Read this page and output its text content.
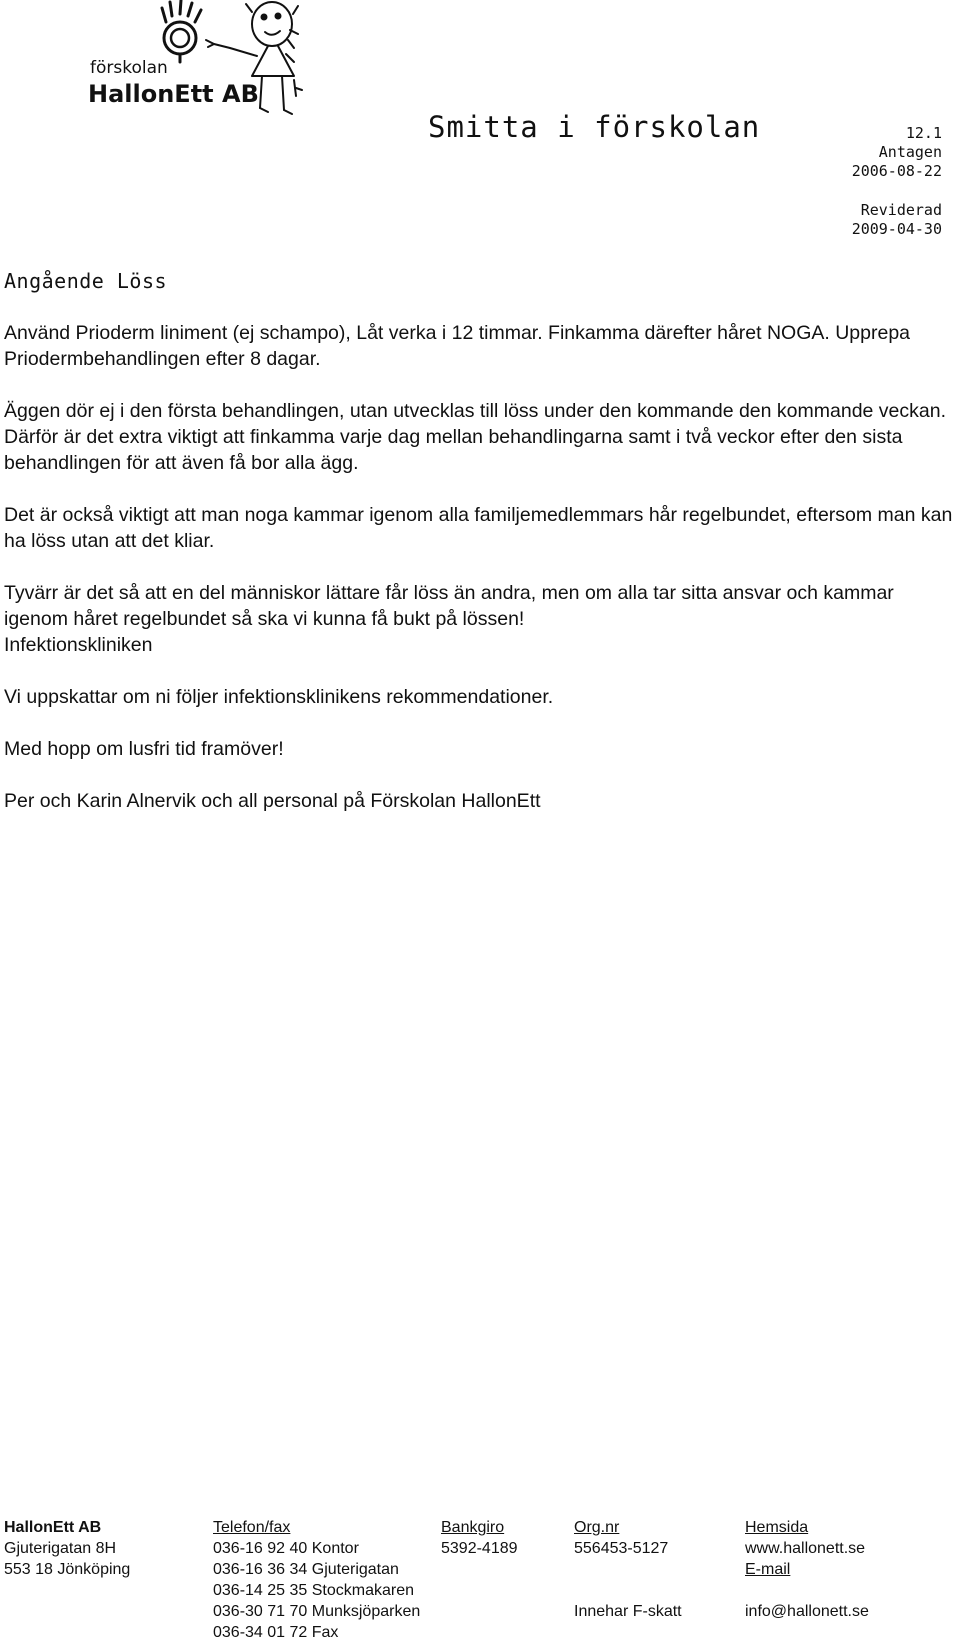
förskolan
HallonEtt AB
Smitta i förskolan	12.1
Antagen
2006-08-22
Reviderad
2009-04-30
Angående Löss

Använd Prioderm liniment (ej schampo), Låt verka i 12 timmar. Finkamma därefter håret NOGA. Upprepa Priodermbehandlingen efter 8 dagar.

Äggen dör ej i den första behandlingen, utan utvecklas till löss under den kommande den kommande veckan. Därför är det extra viktigt att finkamma varje dag mellan behandlingarna samt i två veckor efter den sista behandlingen för att även få bor alla ägg.

Det är också viktigt att man noga kammar igenom alla familjemedlemmars hår regelbundet, eftersom man kan ha löss utan att det kliar.

Tyvärr är det så att en del människor lättare får löss än andra, men om alla tar sitta ansvar och kammar igenom håret regelbundet så ska vi kunna få bukt på lössen!

Infektionskliniken

Vi uppskattar om ni följer infektionsklinikens rekommendationer.

Med hopp om lusfri tid framöver!

Per och Karin Alnervik och all personal på Förskolan HallonEtt

HallonEtt AB
Gjuterigatan 8H
553 18 Jönköping
Telefon/fax
036-16 92 40 Kontor
036-16 36 34 Gjuterigatan
036-14 25 35 Stockmakaren
036-30 71 70 Munksjöparken
036-34 01 72 Fax
Bankgiro
5392-4189
Org.nr
556453-5127
Innehar F-skatt
Hemsida
www.hallonett.se
E-mail
info@hallonett.se
